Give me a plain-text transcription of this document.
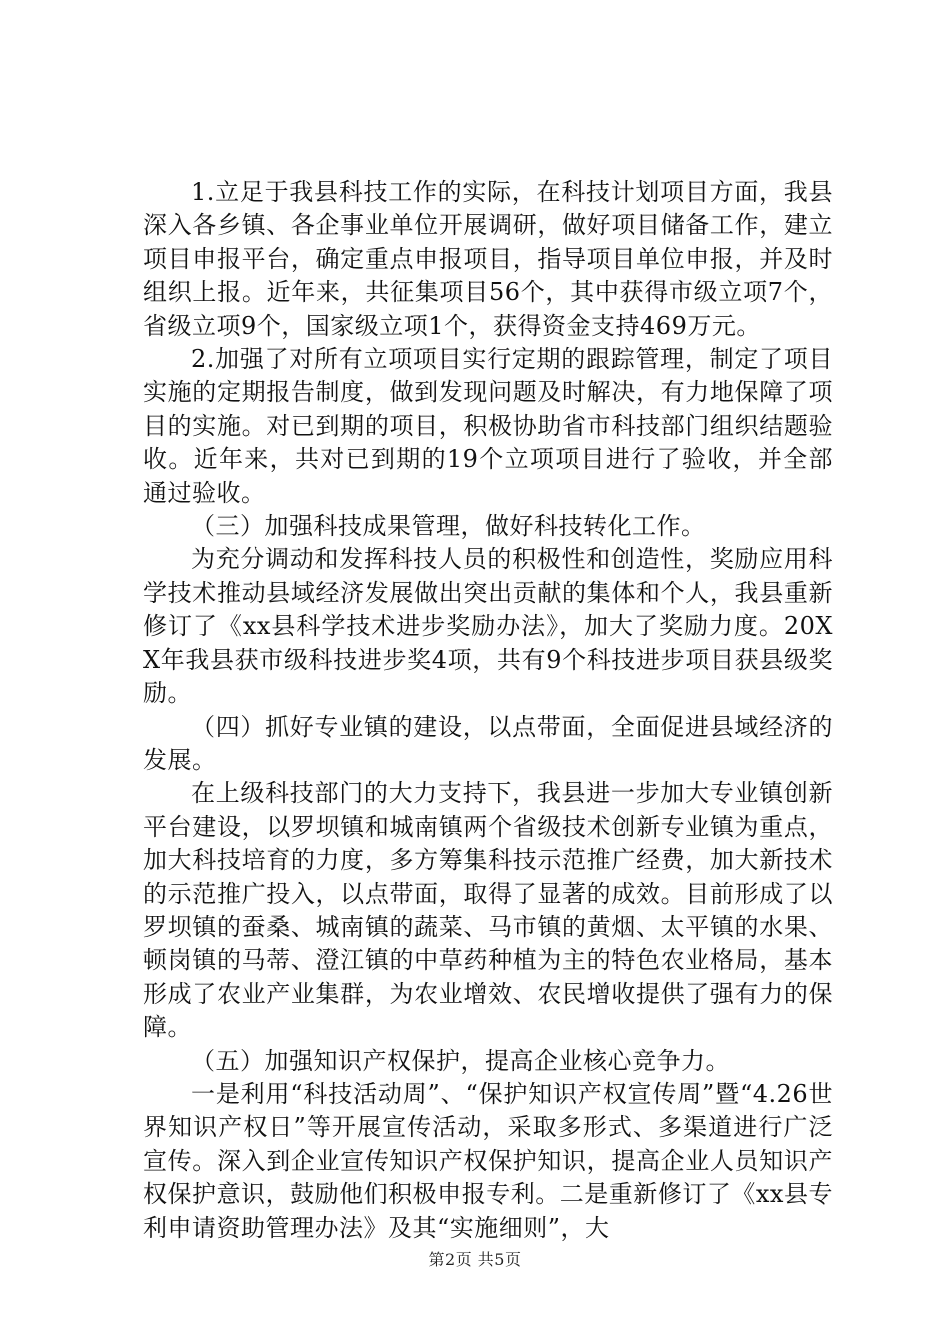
1.立足于我县科技工作的实际，在科技计划项目方面，我县深入各乡镇、各企事业单位开展调研，做好项目储备工作，建立项目申报平台，确定重点申报项目，指导项目单位申报，并及时组织上报。近年来，共征集项目56个，其中获得市级立项7个，省级立项9个，国家级立项1个，获得资金支持469万元。

2.加强了对所有立项项目实行定期的跟踪管理，制定了项目实施的定期报告制度，做到发现问题及时解决，有力地保障了项目的实施。对已到期的项目，积极协助省市科技部门组织结题验收。近年来，共对已到期的19个立项项目进行了验收，并全部通过验收。

（三）加强科技成果管理，做好科技转化工作。

为充分调动和发挥科技人员的积极性和创造性，奖励应用科学技术推动县域经济发展做出突出贡献的集体和个人，我县重新修订了《xx县科学技术进步奖励办法》，加大了奖励力度。20XX年我县获市级科技进步奖4项，共有9个科技进步项目获县级奖励。

（四）抓好专业镇的建设，以点带面，全面促进县域经济的发展。

在上级科技部门的大力支持下，我县进一步加大专业镇创新平台建设，以罗坝镇和城南镇两个省级技术创新专业镇为重点，加大科技培育的力度，多方筹集科技示范推广经费，加大新技术的示范推广投入，以点带面，取得了显著的成效。目前形成了以罗坝镇的蚕桑、城南镇的蔬菜、马市镇的黄烟、太平镇的水果、顿岗镇的马蒂、澄江镇的中草药种植为主的特色农业格局，基本形成了农业产业集群，为农业增效、农民增收提供了强有力的保障。

（五）加强知识产权保护，提高企业核心竞争力。

一是利用“科技活动周”、“保护知识产权宣传周”暨“4.26世界知识产权日”等开展宣传活动，采取多形式、多渠道进行广泛宣传。深入到企业宣传知识产权保护知识，提高企业人员知识产权保护意识，鼓励他们积极申报专利。二是重新修订了《xx县专利申请资助管理办法》及其“实施细则”，大

第2页 共5页
